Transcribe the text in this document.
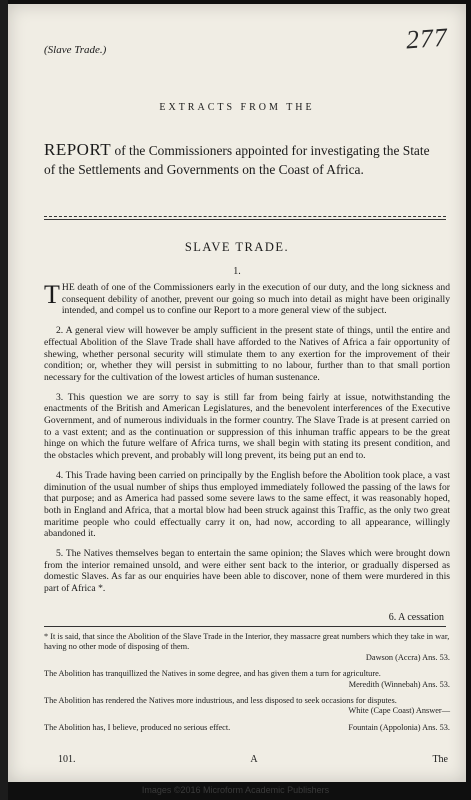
(Slave Trade.)	277
EXTRACTS FROM THE
REPORT of the Commissioners appointed for investigating the State of the Settlements and Governments on the Coast of Africa.
SLAVE TRADE.
1.

THE death of one of the Commissioners early in the execution of our duty, and the long sickness and consequent debility of another, prevent our going so much into detail as might have been originally intended, and compel us to confine our Report to a more general view of the subject.

2. A general view will however be amply sufficient in the present state of things, until the entire and effectual Abolition of the Slave Trade shall have afforded to the Natives of Africa a fair opportunity of shewing, whether personal security will stimulate them to any exertion for the improvement of their condition; or, whether they will persist in submitting to no labour, further than to that small portion necessary for the cultivation of the lowest articles of human sustenance.

3. This question we are sorry to say is still far from being fairly at issue, notwithstanding the enactments of the British and American Legislatures, and the benevolent interferences of the Executive Government, and of numerous individuals in the former country. The Slave Trade is at present carried on to a vast extent; and as the continuation or suppression of this inhuman traffic appears to be the great hinge on which the future welfare of Africa turns, we shall begin with stating its present condition, and the obstacles which prevent, and probably will long prevent, its being put an end to.

4. This Trade having been carried on principally by the English before the Abolition took place, a vast diminution of the usual number of ships thus employed immediately followed the passing of the laws for that purpose; and as America had passed some severe laws to the same effect, it was reasonably hoped, both in England and Africa, that a mortal blow had been struck against this Traffic, as the only two great maritime people who could effectually carry it on, had now, according to all appearance, willingly abandoned it.

5. The Natives themselves began to entertain the same opinion; the Slaves which were brought down from the interior remained unsold, and were either sent back to the interior, or gradually dispersed as domestic Slaves. As far as our enquiries have been able to discover, none of them were murdered in this part of Africa *.

6. A cessation
* It is said, that since the Abolition of the Slave Trade in the Interior, they massacre great numbers which they take in war, having no other mode of disposing of them.
Dawson (Accra) Ans. 53.
The Abolition has tranquillized the Natives in some degree, and has given them a turn for agriculture.
Meredith (Winnebah) Ans. 53.
The Abolition has rendered the Natives more industrious, and less disposed to seek occasions for disputes.
White (Cape Coast) Answer—
The Abolition has, I believe, produced no serious effect.	Fountain (Appolonia) Ans. 53.
101.	A	The
Images ©2016 Microform Academic Publishers
